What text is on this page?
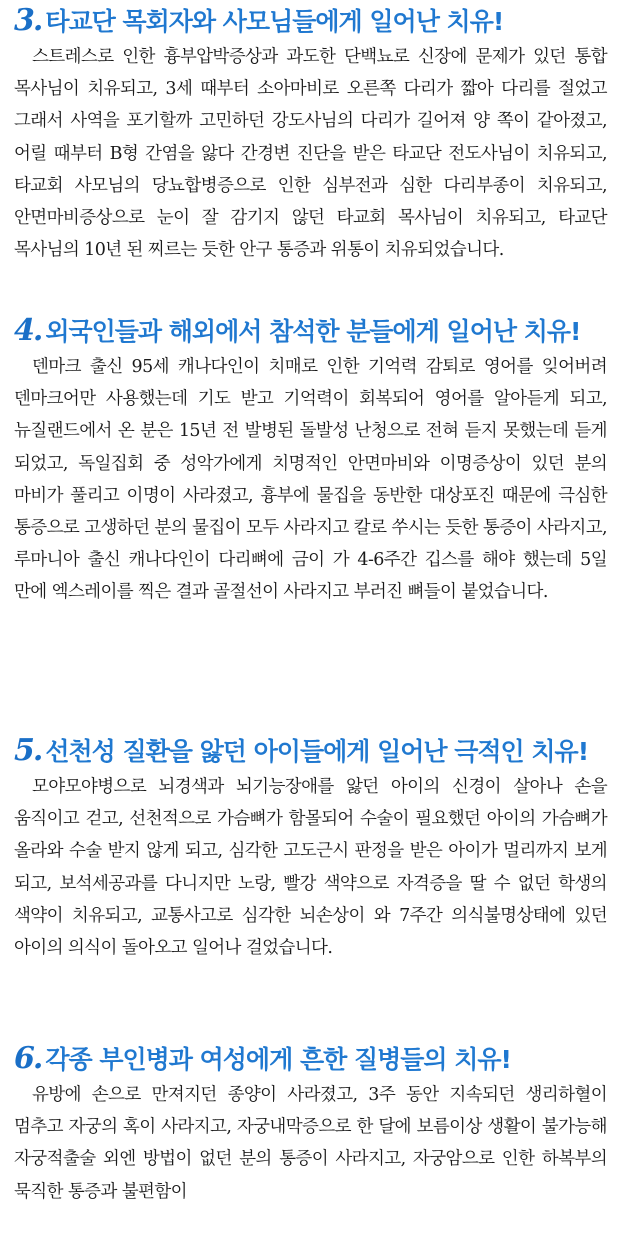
3. 타교단 목회자와 사모님들에게 일어난 치유!

스트레스로 인한 흉부압박증상과 과도한 단백뇨로 신장에 문제가 있던 통합 목사님이 치유되고, 3세 때부터 소아마비로 오른쪽 다리가 짧아 다리를 절었고 그래서 사역을 포기할까 고민하던 강도사님의 다리가 길어져 양 쪽이 같아졌고, 어릴 때부터 B형 간염을 앓다 간경변 진단을 받은 타교단 전도사님이 치유되고, 타교회 사모님의 당뇨합병증으로 인한 심부전과 심한 다리부종이 치유되고, 안면마비증상으로 눈이 잘 감기지 않던 타교회 목사님이 치유되고, 타교단 목사님의 10년 된 찌르는 듯한 안구 통증과 위통이 치유되었습니다.

4. 외국인들과 해외에서 참석한 분들에게 일어난 치유!

덴마크 출신 95세 캐나다인이 치매로 인한 기억력 감퇴로 영어를 잊어버려 덴마크어만 사용했는데 기도 받고 기억력이 회복되어 영어를 알아듣게 되고, 뉴질랜드에서 온 분은 15년 전 발병된 돌발성 난청으로 전혀 듣지 못했는데 듣게 되었고, 독일집회 중 성악가에게 치명적인 안면마비와 이명증상이 있던 분의 마비가 풀리고 이명이 사라졌고, 흉부에 물집을 동반한 대상포진 때문에 극심한 통증으로 고생하던 분의 물집이 모두 사라지고 칼로 쑤시는 듯한 통증이 사라지고, 루마니아 출신 캐나다인이 다리뼈에 금이 가 4-6주간 깁스를 해야 했는데 5일 만에 엑스레이를 찍은 결과 골절선이 사라지고 부러진 뼈들이 붙었습니다.

5. 선천성 질환을 앓던 아이들에게 일어난 극적인 치유!

모야모야병으로 뇌경색과 뇌기능장애를 앓던 아이의 신경이 살아나 손을 움직이고 걷고, 선천적으로 가슴뼈가 함몰되어 수술이 필요했던 아이의 가슴뼈가 올라와 수술 받지 않게 되고, 심각한 고도근시 판정을 받은 아이가 멀리까지 보게 되고, 보석세공과를 다니지만 노랑, 빨강 색약으로 자격증을 딸 수 없던 학생의 색약이 치유되고, 교통사고로 심각한 뇌손상이 와 7주간 의식불명상태에 있던 아이의 의식이 돌아오고 일어나 걸었습니다.

6. 각종 부인병과 여성에게 흔한 질병들의 치유!

유방에 손으로 만져지던 종양이 사라졌고, 3주 동안 지속되던 생리하혈이 멈추고 자궁의 혹이 사라지고, 자궁내막증으로 한 달에 보름이상 생활이 불가능해 자궁적출술 외엔 방법이 없던 분의 통증이 사라지고, 자궁암으로 인한 하복부의 묵직한 통증과 불편함이
